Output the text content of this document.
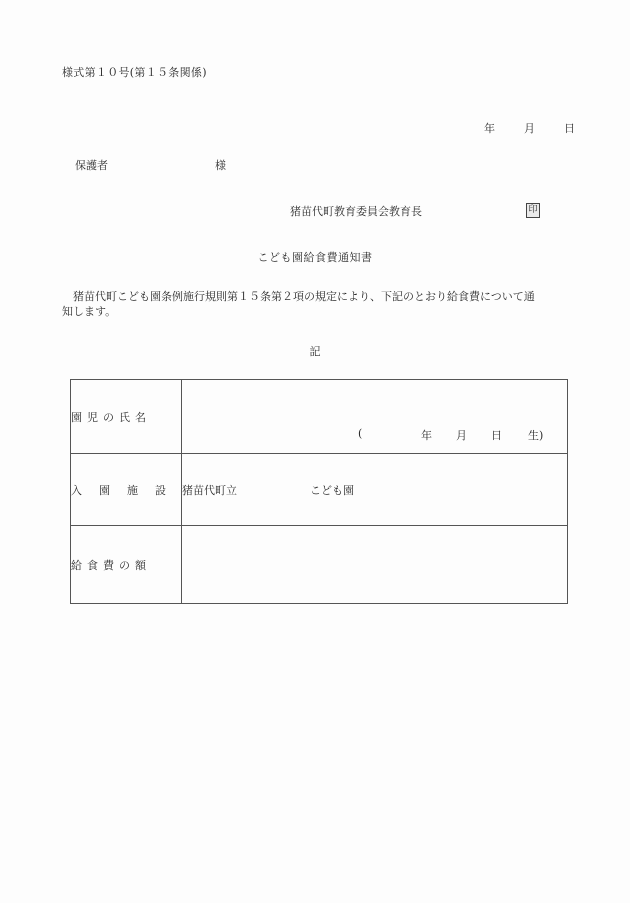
様式第１０号(第１５条関係)
年	月	日
保護者	様
猪苗代町教育委員会教育長	印
こども園給食費通知書

猪苗代町こども園条例施行規則第１５条第２項の規定により、下記のとおり給食費について通

知します。

記
園児の氏名	( 年 月 日 生)

入 園 施 設	猪苗代町立 こども園
給食費の額	
